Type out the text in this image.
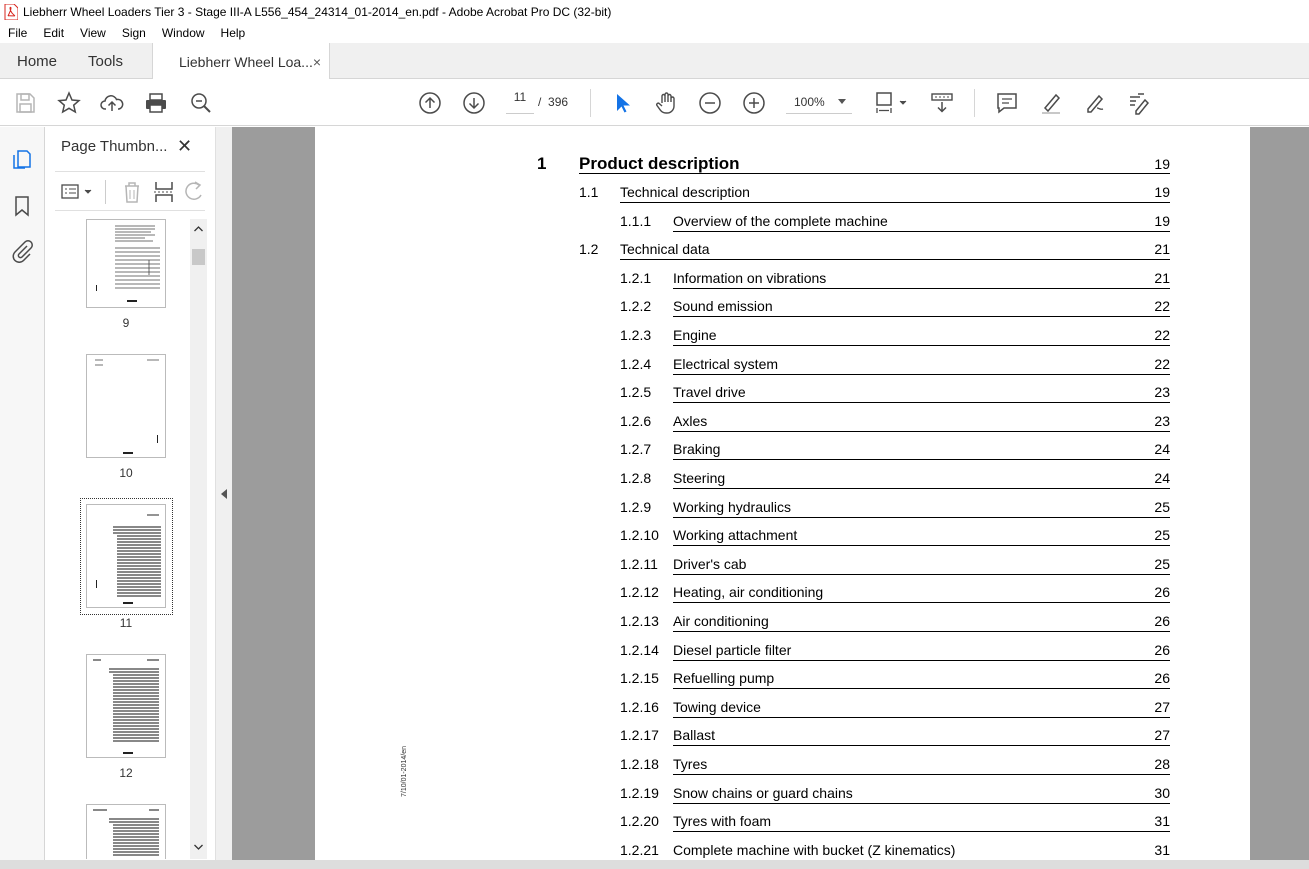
Liebherr Wheel Loaders Tier 3 - Stage III-A L556_454_24314_01-2014_en.pdf - Adobe Acrobat Pro DC (32-bit)
File	Edit	View	Sign	Window	Help
Home Tools	Liebherr Wheel Loa... ×
11 / 396	100%
Page Thumbn... ✕
9
10
11
12	7/10/01-2014/en
1 Product description	19
1.1 Technical description	19
1.1.1 Overview of the complete machine	19
1.2 Technical data	21
1.2.1 Information on vibrations	21
1.2.2 Sound emission	22
1.2.3 Engine	22
1.2.4 Electrical system	22
1.2.5 Travel drive	23
1.2.6 Axles	23
1.2.7 Braking	24
1.2.8 Steering	24
1.2.9 Working hydraulics	25
1.2.10 Working attachment	25
1.2.11 Driver's cab	25
1.2.12 Heating, air conditioning	26
1.2.13 Air conditioning	26
1.2.14 Diesel particle filter	26
1.2.15 Refuelling pump	26
1.2.16 Towing device	27
1.2.17 Ballast	27
1.2.18 Tyres	28
1.2.19 Snow chains or guard chains	30
1.2.20 Tyres with foam	31
1.2.21 Complete machine with bucket (Z kinematics)	31
